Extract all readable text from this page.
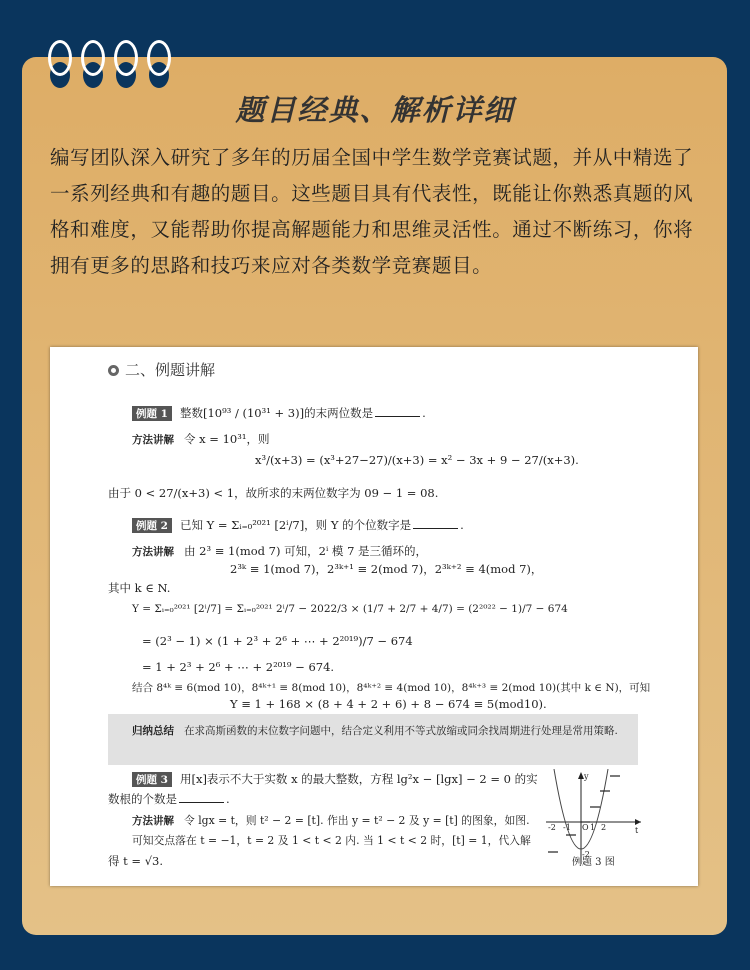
题目经典、解析详细
编写团队深入研究了多年的历届全国中学生数学竞赛试题，并从中精选了一系列经典和有趣的题目。这些题目具有代表性，既能让你熟悉真题的风格和难度，又能帮助你提高解题能力和思维灵活性。通过不断练习，你将拥有更多的思路和技巧来应对各类数学竞赛题目。
二、例题讲解
例题 1 整数[10⁹³ / (10³¹ + 3)]的末两位数是	.
方法讲解 令 x = 10³¹，则
x³/(x+3) = (x³+27−27)/(x+3) = x² − 3x + 9 − 27/(x+3).
由于 0 < 27/(x+3) < 1，故所求的末两位数字为 09 − 1 = 08.
例题 2 已知 Y = Σᵢ₌₀²⁰²¹ [2ⁱ/7]，则 Y 的个位数字是	.
方法讲解 由 2³ ≡ 1(mod 7) 可知，2ⁱ 模 7 是三循环的，
2³ᵏ ≡ 1(mod 7)，2³ᵏ⁺¹ ≡ 2(mod 7)，2³ᵏ⁺² ≡ 4(mod 7)，
其中 k ∈ N.
Y = Σᵢ₌₀²⁰²¹ [2ⁱ/7] = Σᵢ₌₀²⁰²¹ 2ⁱ/7 − 2022/3 × (1/7 + 2/7 + 4/7) = (2²⁰²² − 1)/7 − 674
= (2³ − 1) × (1 + 2³ + 2⁶ + ⋯ + 2²⁰¹⁹)/7 − 674
= 1 + 2³ + 2⁶ + ⋯ + 2²⁰¹⁹ − 674.
结合 8⁴ᵏ ≡ 6(mod 10)，8⁴ᵏ⁺¹ ≡ 8(mod 10)，8⁴ᵏ⁺² ≡ 4(mod 10)，8⁴ᵏ⁺³ ≡ 2(mod 10)(其中 k ∈ N)，可知
Y ≡ 1 + 168 × (8 + 4 + 2 + 6) + 8 − 674 ≡ 5(mod10).
归纳总结 在求高斯函数的末位数字问题中，结合定义利用不等式放缩或同余找周期进行处理是常用策略.
例题 3 用[x]表示不大于实数 x 的最大整数，方程 lg²x − [lgx] − 2 = 0 的实
数根的个数是	.
方法讲解 令 lgx = t，则 t² − 2 = [t]. 作出 y = t² − 2 及 y = [t] 的图象，如图.
可知交点落在 t = −1，t = 2 及 1 < t < 2 内. 当 1 < t < 2 时，[t] = 1，代入解
得 t = √3.
y
t
O
-2 -1 1 2
-2
例题 3 图
